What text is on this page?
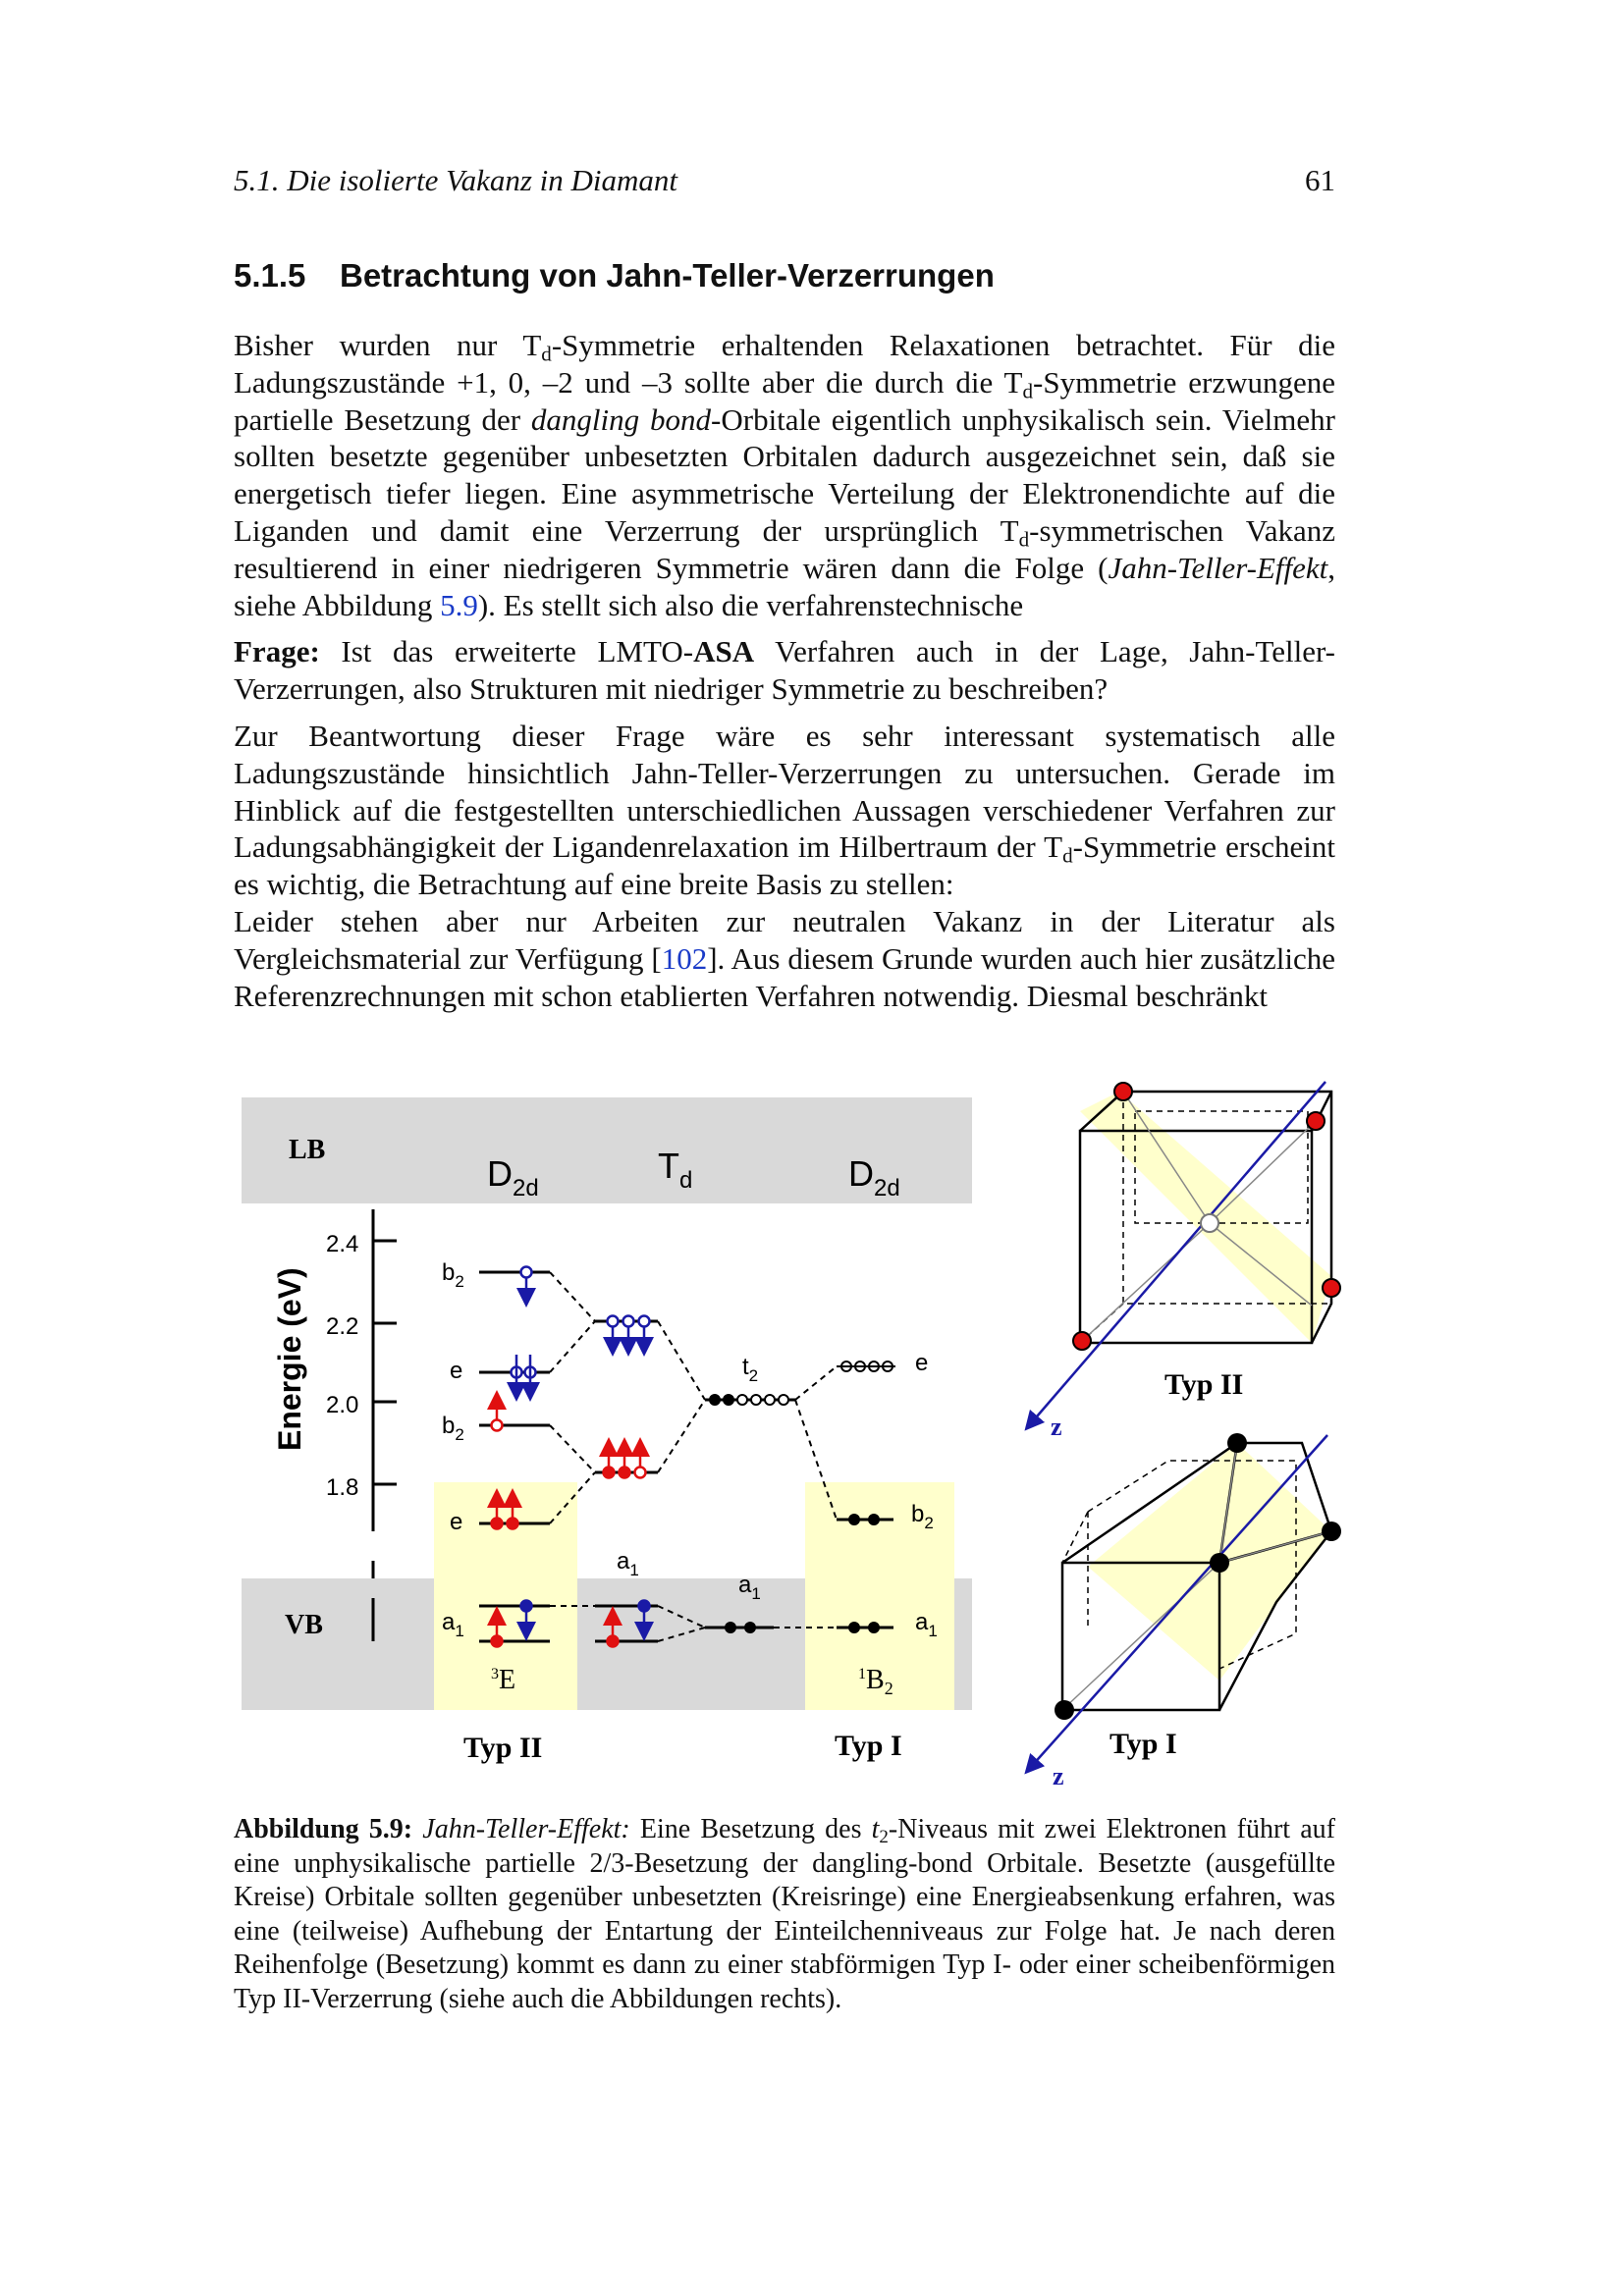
5.1. Die isolierte Vakanz in Diamant	61
5.1.5 Betrachtung von Jahn-Teller-Verzerrungen

Bisher wurden nur $T_d$-Symmetrie erhaltenden Relaxationen betrachtet. Für die Ladungszustände +1, 0, –2 und –3 sollte aber die durch die $T_d$-Symmetrie erzwungene partielle Besetzung der dangling bond-Orbitale eigentlich unphysikalisch sein. Vielmehr sollten besetzte gegenüber unbesetzten Orbitalen dadurch ausgezeichnet sein, daß sie energetisch tiefer liegen. Eine asymmetrische Verteilung der Elektronendichte auf die Liganden und damit eine Verzerrung der ursprünglich $T_d$-symmetrischen Vakanz resultierend in einer niedrigeren Symmetrie wären dann die Folge (Jahn-Teller-Effekt, siehe Abbildung 5.9). Es stellt sich also die verfahrenstechnische

Frage: Ist das erweiterte LMTO-ASA Verfahren auch in der Lage, Jahn-Teller-Verzerrungen, also Strukturen mit niedriger Symmetrie zu beschreiben?

Zur Beantwortung dieser Frage wäre es sehr interessant systematisch alle Ladungszustände hinsichtlich Jahn-Teller-Verzerrungen zu untersuchen. Gerade im Hinblick auf die festgestellten unterschiedlichen Aussagen verschiedener Verfahren zur Ladungsabhängigkeit der Ligandenrelaxation im Hilbertraum der $T_d$-Symmetrie erscheint es wichtig, die Betrachtung auf eine breite Basis zu stellen:

Leider stehen aber nur Arbeiten zur neutralen Vakanz in der Literatur als Vergleichsmaterial zur Verfügung [102]. Aus diesem Grunde wurden auch hier zusätzliche Referenzrechnungen mit schon etablierten Verfahren notwendig. Diesmal beschränkt

LB
VB
$D_{2d}$
$T_d$	$D_{2d}$
Energie (eV)
2.4
2.2
2.0
1.8
$b_2$
e
$b_2$
e
$a_1$
$a_1$
$t_2$
$a_1$
e
$b_2$
$a_1$
$^3$E	$^1B_2$
Typ II	Typ I
Typ II
z
Typ I
z
Abbildung 5.9: Jahn-Teller-Effekt: Eine Besetzung des $t_2$-Niveaus mit zwei Elektronen führt auf eine unphysikalische partielle 2/3-Besetzung der dangling-bond Orbitale. Besetzte (ausgefüllte Kreise) Orbitale sollten gegenüber unbesetzten (Kreisringe) eine Energieabsenkung erfahren, was eine (teilweise) Aufhebung der Entartung der Einteilchenniveaus zur Folge hat. Je nach deren Reihenfolge (Besetzung) kommt es dann zu einer stabförmigen Typ I- oder einer scheibenförmigen Typ II-Verzerrung (siehe auch die Abbildungen rechts).
